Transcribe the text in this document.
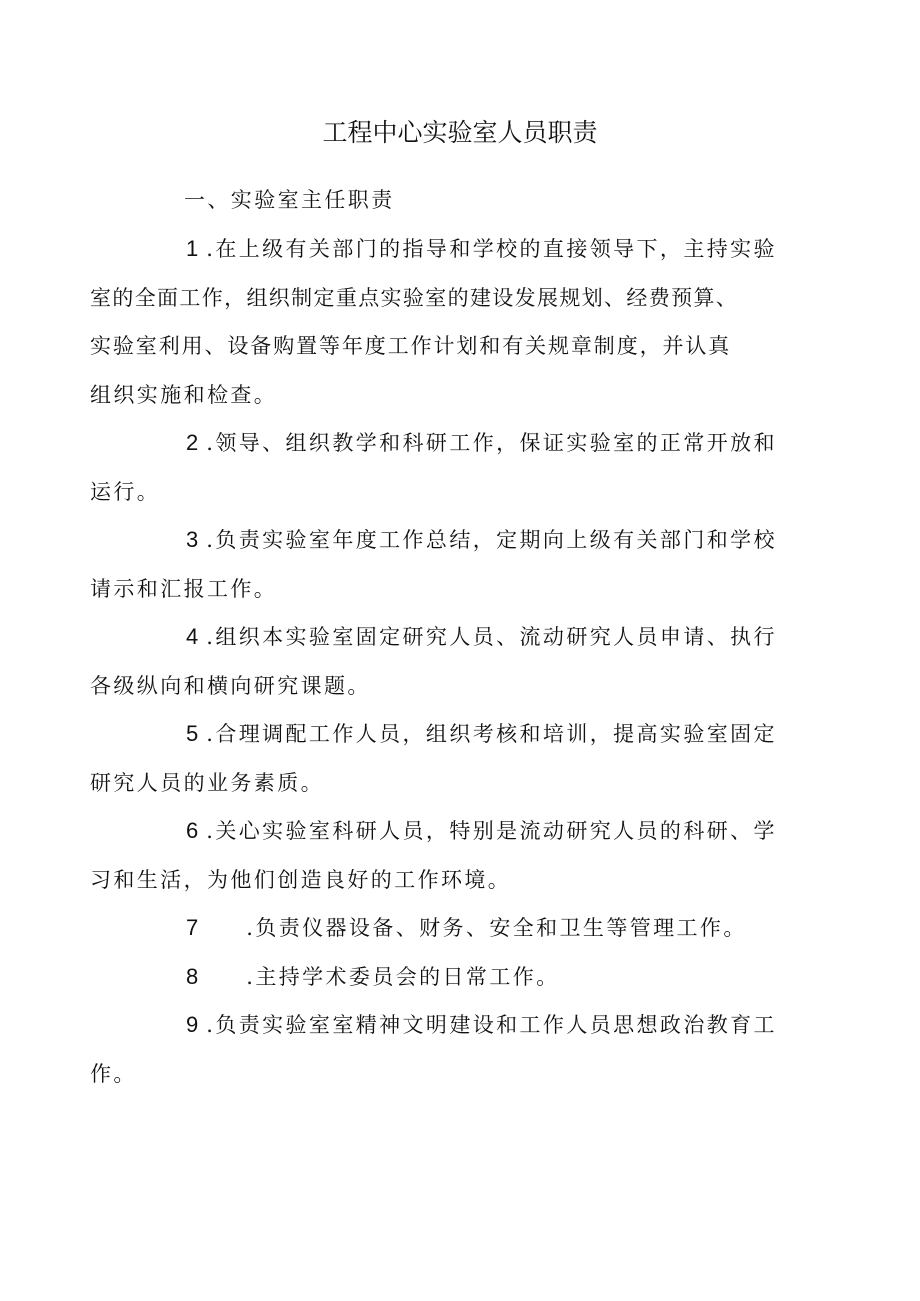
工程中心实验室人员职责
一、实验室主任职责

1 .在上级有关部门的指导和学校的直接领导下，主持实验
室的全面工作，组织制定重点实验室的建设发展规划、经费预算、
实验室利用、设备购置等年度工作计划和有关规章制度，并认真
组织实施和检查。

2 .领导、组织教学和科研工作，保证实验室的正常开放和
运行。

3 .负责实验室年度工作总结，定期向上级有关部门和学校
请示和汇报工作。

4 .组织本实验室固定研究人员、流动研究人员申请、执行
各级纵向和横向研究课题。

5 .合理调配工作人员，组织考核和培训，提高实验室固定
研究人员的业务素质。

6 .关心实验室科研人员，特别是流动研究人员的科研、学
习和生活，为他们创造良好的工作环境。

7 .负责仪器设备、财务、安全和卫生等管理工作。

8 .主持学术委员会的日常工作。

9 .负责实验室室精神文明建设和工作人员思想政治教育工
作。
